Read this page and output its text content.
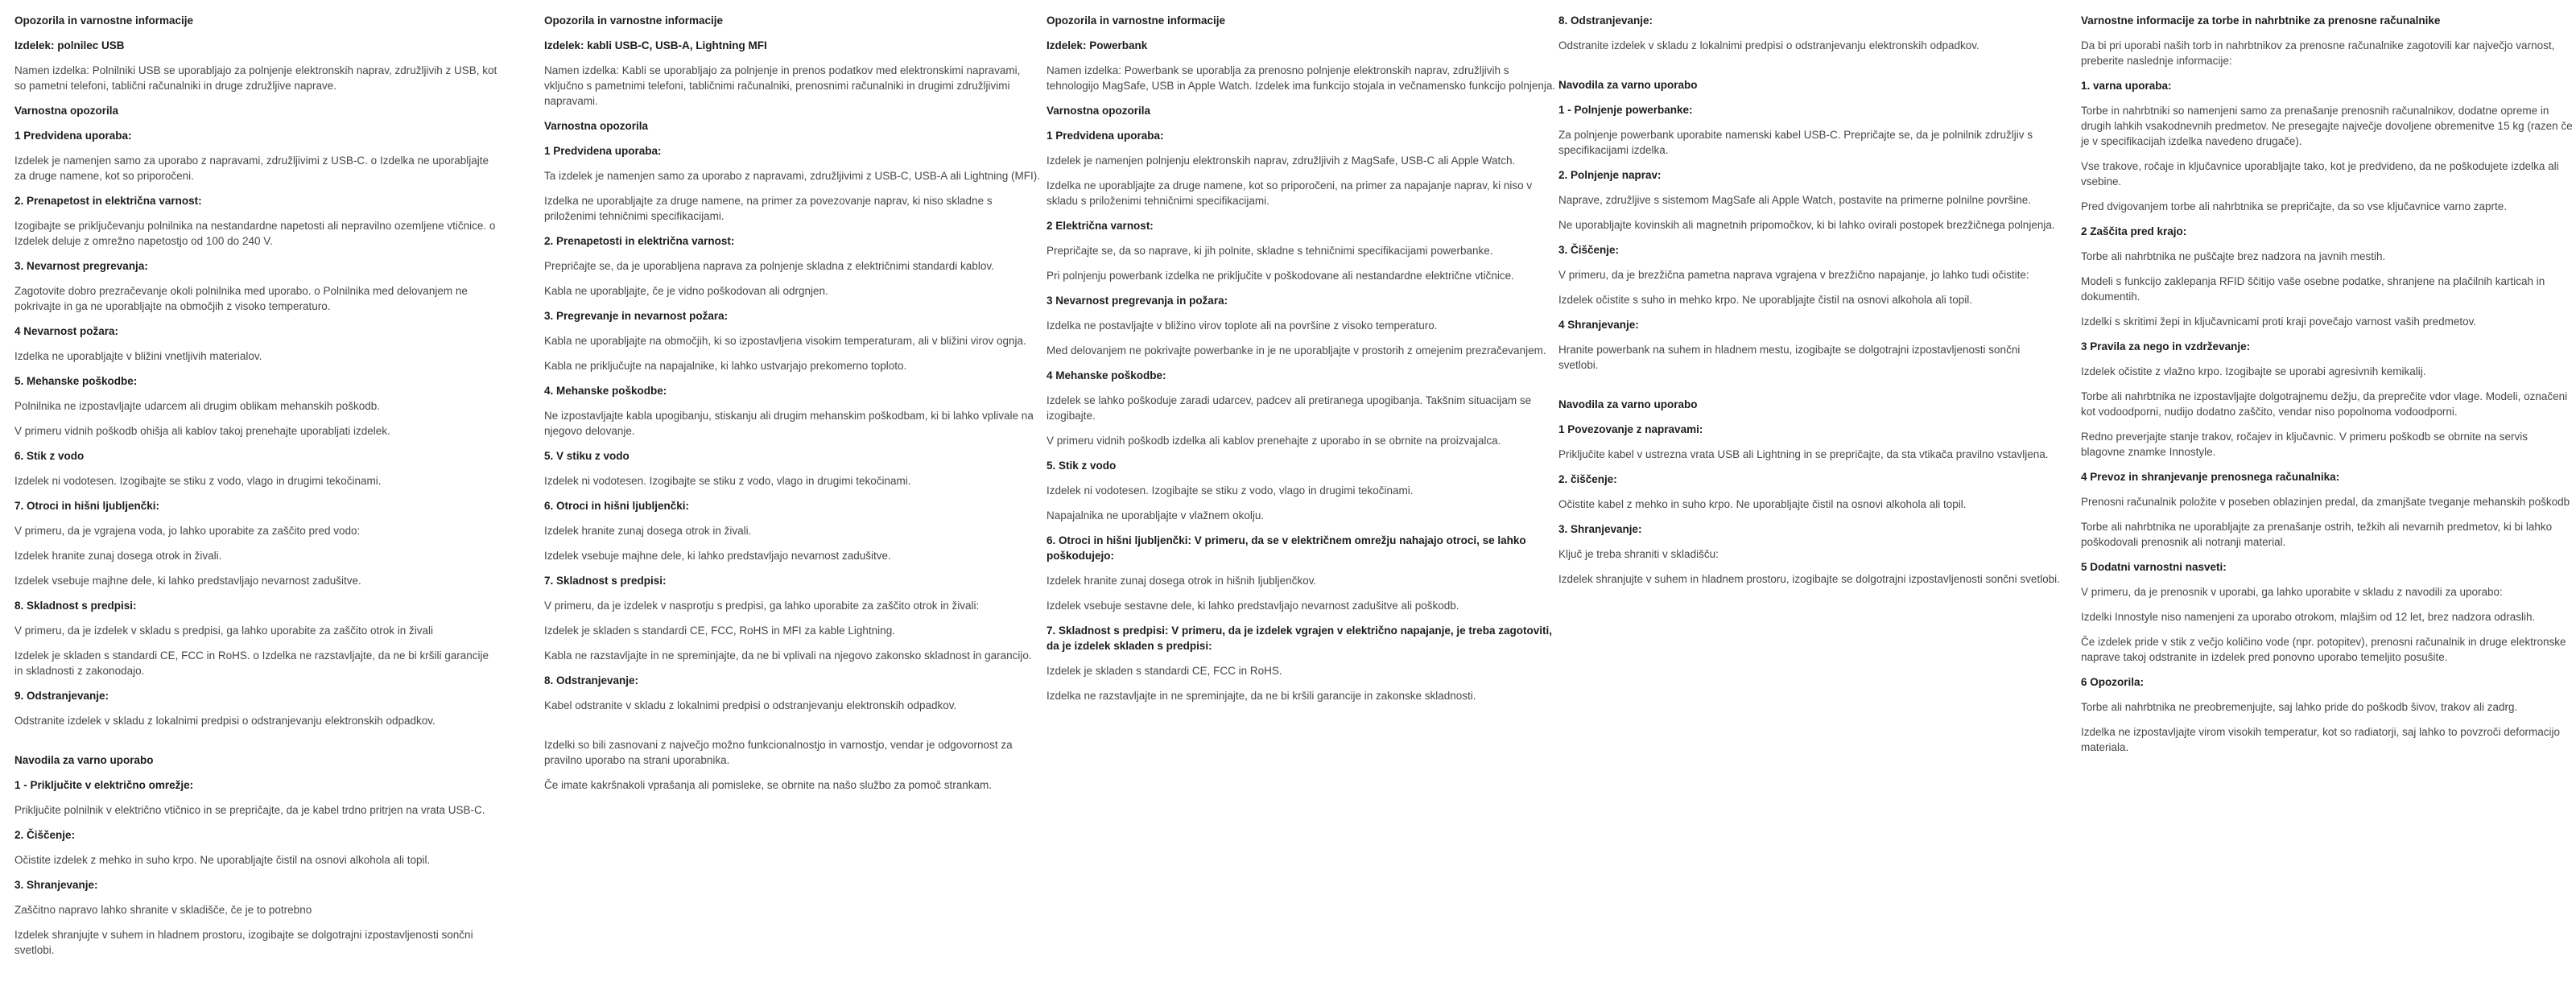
Opozorila in varnostne informacije

Izdelek: polnilec USB

Namen izdelka: Polnilniki USB se uporabljajo za polnjenje elektronskih naprav, združljivih z USB, kot so pametni telefoni, tablični računalniki in druge združljive naprave.

Varnostna opozorila

1 Predvidena uporaba:

Izdelek je namenjen samo za uporabo z napravami, združljivimi z USB-C. o Izdelka ne uporabljajte za druge namene, kot so priporočeni.

2. Prenapetost in električna varnost:

Izogibajte se priključevanju polnilnika na nestandardne napetosti ali nepravilno ozemljene vtičnice. o Izdelek deluje z omrežno napetostjo od 100 do 240 V.

3. Nevarnost pregrevanja:

Zagotovite dobro prezračevanje okoli polnilnika med uporabo. o Polnilnika med delovanjem ne pokrivajte in ga ne uporabljajte na območjih z visoko temperaturo.

4 Nevarnost požara:

Izdelka ne uporabljajte v bližini vnetljivih materialov.

5. Mehanske poškodbe:

Polnilnika ne izpostavljajte udarcem ali drugim oblikam mehanskih poškodb.

V primeru vidnih poškodb ohišja ali kablov takoj prenehajte uporabljati izdelek.

6. Stik z vodo

Izdelek ni vodotesen. Izogibajte se stiku z vodo, vlago in drugimi tekočinami.

7. Otroci in hišni ljubljenčki:

V primeru, da je vgrajena voda, jo lahko uporabite za zaščito pred vodo:

Izdelek hranite zunaj dosega otrok in živali.

Izdelek vsebuje majhne dele, ki lahko predstavljajo nevarnost zadušitve.

8. Skladnost s predpisi:

V primeru, da je izdelek v skladu s predpisi, ga lahko uporabite za zaščito otrok in živali

Izdelek je skladen s standardi CE, FCC in RoHS. o Izdelka ne razstavljajte, da ne bi kršili garancije in skladnosti z zakonodajo.

9. Odstranjevanje:

Odstranite izdelek v skladu z lokalnimi predpisi o odstranjevanju elektronskih odpadkov.

Navodila za varno uporabo

1 - Priključite v električno omrežje:

Priključite polnilnik v električno vtičnico in se prepričajte, da je kabel trdno pritrjen na vrata USB-C.

2. Čiščenje:

Očistite izdelek z mehko in suho krpo. Ne uporabljajte čistil na osnovi alkohola ali topil.

3. Shranjevanje:

Zaščitno napravo lahko shranite v skladišče, če je to potrebno

Izdelek shranjujte v suhem in hladnem prostoru, izogibajte se dolgotrajni izpostavljenosti sončni svetlobi.

Opozorila in varnostne informacije

Izdelek: kabli USB-C, USB-A, Lightning MFI

Namen izdelka: Kabli se uporabljajo za polnjenje in prenos podatkov med elektronskimi napravami, vključno s pametnimi telefoni, tabličnimi računalniki, prenosnimi računalniki in drugimi združljivimi napravami.

Varnostna opozorila

1 Predvidena uporaba:

Ta izdelek je namenjen samo za uporabo z napravami, združljivimi z USB-C, USB-A ali Lightning (MFI).

Izdelka ne uporabljajte za druge namene, na primer za povezovanje naprav, ki niso skladne s priloženimi tehničnimi specifikacijami.

2. Prenapetosti in električna varnost:

Prepričajte se, da je uporabljena naprava za polnjenje skladna z električnimi standardi kablov.

Kabla ne uporabljajte, če je vidno poškodovan ali odrgnjen.

3. Pregrevanje in nevarnost požara:

Kabla ne uporabljajte na območjih, ki so izpostavljena visokim temperaturam, ali v bližini virov ognja.

Kabla ne priključujte na napajalnike, ki lahko ustvarjajo prekomerno toploto.

4. Mehanske poškodbe:

Ne izpostavljajte kabla upogibanju, stiskanju ali drugim mehanskim poškodbam, ki bi lahko vplivale na njegovo delovanje.

5. V stiku z vodo

Izdelek ni vodotesen. Izogibajte se stiku z vodo, vlago in drugimi tekočinami.

6. Otroci in hišni ljubljenčki:

Izdelek hranite zunaj dosega otrok in živali.

Izdelek vsebuje majhne dele, ki lahko predstavljajo nevarnost zadušitve.

7. Skladnost s predpisi:

V primeru, da je izdelek v nasprotju s predpisi, ga lahko uporabite za zaščito otrok in živali:

Izdelek je skladen s standardi CE, FCC, RoHS in MFI za kable Lightning.

Kabla ne razstavljajte in ne spreminjajte, da ne bi vplivali na njegovo zakonsko skladnost in garancijo.

8. Odstranjevanje:

Kabel odstranite v skladu z lokalnimi predpisi o odstranjevanju elektronskih odpadkov.

Izdelki so bili zasnovani z največjo možno funkcionalnostjo in varnostjo, vendar je odgovornost za pravilno uporabo na strani uporabnika.

Če imate kakršnakoli vprašanja ali pomisleke, se obrnite na našo službo za pomoč strankam.

Opozorila in varnostne informacije

Izdelek: Powerbank

Namen izdelka: Powerbank se uporablja za prenosno polnjenje elektronskih naprav, združljivih s tehnologijo MagSafe, USB in Apple Watch. Izdelek ima funkcijo stojala in večnamensko funkcijo polnjenja.

Varnostna opozorila

1 Predvidena uporaba:

Izdelek je namenjen polnjenju elektronskih naprav, združljivih z MagSafe, USB-C ali Apple Watch.

Izdelka ne uporabljajte za druge namene, kot so priporočeni, na primer za napajanje naprav, ki niso v skladu s priloženimi tehničnimi specifikacijami.

2 Električna varnost:

Prepričajte se, da so naprave, ki jih polnite, skladne s tehničnimi specifikacijami powerbanke.

Pri polnjenju powerbank izdelka ne priključite v poškodovane ali nestandardne električne vtičnice.

3 Nevarnost pregrevanja in požara:

Izdelka ne postavljajte v bližino virov toplote ali na površine z visoko temperaturo.

Med delovanjem ne pokrivajte powerbanke in je ne uporabljajte v prostorih z omejenim prezračevanjem.

4 Mehanske poškodbe:

Izdelek se lahko poškoduje zaradi udarcev, padcev ali pretiranega upogibanja. Takšnim situacijam se izogibajte.

V primeru vidnih poškodb izdelka ali kablov prenehajte z uporabo in se obrnite na proizvajalca.

5. Stik z vodo

Izdelek ni vodotesen. Izogibajte se stiku z vodo, vlago in drugimi tekočinami.

Napajalnika ne uporabljajte v vlažnem okolju.

6. Otroci in hišni ljubljenčki: V primeru, da se v električnem omrežju nahajajo otroci, se lahko poškodujejo:

Izdelek hranite zunaj dosega otrok in hišnih ljubljenčkov.

Izdelek vsebuje sestavne dele, ki lahko predstavljajo nevarnost zadušitve ali poškodb.

7. Skladnost s predpisi: V primeru, da je izdelek vgrajen v električno napajanje, je treba zagotoviti, da je izdelek skladen s predpisi:

Izdelek je skladen s standardi CE, FCC in RoHS.

Izdelka ne razstavljajte in ne spreminjajte, da ne bi kršili garancije in zakonske skladnosti.

8. Odstranjevanje:

Odstranite izdelek v skladu z lokalnimi predpisi o odstranjevanju elektronskih odpadkov.

Navodila za varno uporabo

1 - Polnjenje powerbanke:

Za polnjenje powerbank uporabite namenski kabel USB-C. Prepričajte se, da je polnilnik združljiv s specifikacijami izdelka.

2. Polnjenje naprav:

Naprave, združljive s sistemom MagSafe ali Apple Watch, postavite na primerne polnilne površine.

Ne uporabljajte kovinskih ali magnetnih pripomočkov, ki bi lahko ovirali postopek brezžičnega polnjenja.

3. Čiščenje:

V primeru, da je brezžična pametna naprava vgrajena v brezžično napajanje, jo lahko tudi očistite:

Izdelek očistite s suho in mehko krpo. Ne uporabljajte čistil na osnovi alkohola ali topil.

4 Shranjevanje:

Hranite powerbank na suhem in hladnem mestu, izogibajte se dolgotrajni izpostavljenosti sončni svetlobi.

Navodila za varno uporabo

1 Povezovanje z napravami:

Priključite kabel v ustrezna vrata USB ali Lightning in se prepričajte, da sta vtikača pravilno vstavljena.

2. čiščenje:

Očistite kabel z mehko in suho krpo. Ne uporabljajte čistil na osnovi alkohola ali topil.

3. Shranjevanje:

Ključ je treba shraniti v skladišču:

Izdelek shranjujte v suhem in hladnem prostoru, izogibajte se dolgotrajni izpostavljenosti sončni svetlobi.

Varnostne informacije za torbe in nahrbtnike za prenosne računalnike

Da bi pri uporabi naših torb in nahrbtnikov za prenosne računalnike zagotovili kar največjo varnost, preberite naslednje informacije:

1. varna uporaba:

Torbe in nahrbtniki so namenjeni samo za prenašanje prenosnih računalnikov, dodatne opreme in drugih lahkih vsakodnevnih predmetov. Ne presegajte največje dovoljene obremenitve 15 kg (razen če je v specifikacijah izdelka navedeno drugače).

Vse trakove, ročaje in ključavnice uporabljajte tako, kot je predvideno, da ne poškodujete izdelka ali vsebine.

Pred dvigovanjem torbe ali nahrbtnika se prepričajte, da so vse ključavnice varno zaprte.

2 Zaščita pred krajo:

Torbe ali nahrbtnika ne puščajte brez nadzora na javnih mestih.

Modeli s funkcijo zaklepanja RFID ščitijo vaše osebne podatke, shranjene na plačilnih karticah in dokumentih.

Izdelki s skritimi žepi in ključavnicami proti kraji povečajo varnost vaših predmetov.

3 Pravila za nego in vzdrževanje:

Izdelek očistite z vlažno krpo. Izogibajte se uporabi agresivnih kemikalij.

Torbe ali nahrbtnika ne izpostavljajte dolgotrajnemu dežju, da preprečite vdor vlage. Modeli, označeni kot vodoodporni, nudijo dodatno zaščito, vendar niso popolnoma vodoodporni.

Redno preverjajte stanje trakov, ročajev in ključavnic. V primeru poškodb se obrnite na servis blagovne znamke Innostyle.

4 Prevoz in shranjevanje prenosnega računalnika:

Prenosni računalnik položite v poseben oblazinjen predal, da zmanjšate tveganje mehanskih poškodb

Torbe ali nahrbtnika ne uporabljajte za prenašanje ostrih, težkih ali nevarnih predmetov, ki bi lahko poškodovali prenosnik ali notranji material.

5 Dodatni varnostni nasveti:

V primeru, da je prenosnik v uporabi, ga lahko uporabite v skladu z navodili za uporabo:

Izdelki Innostyle niso namenjeni za uporabo otrokom, mlajšim od 12 let, brez nadzora odraslih.

Če izdelek pride v stik z večjo količino vode (npr. potopitev), prenosni računalnik in druge elektronske naprave takoj odstranite in izdelek pred ponovno uporabo temeljito posušite.

6 Opozorila:

Torbe ali nahrbtnika ne preobremenjujte, saj lahko pride do poškodb šivov, trakov ali zadrg.

Izdelka ne izpostavljajte virom visokih temperatur, kot so radiatorji, saj lahko to povzroči deformacijo materiala.
